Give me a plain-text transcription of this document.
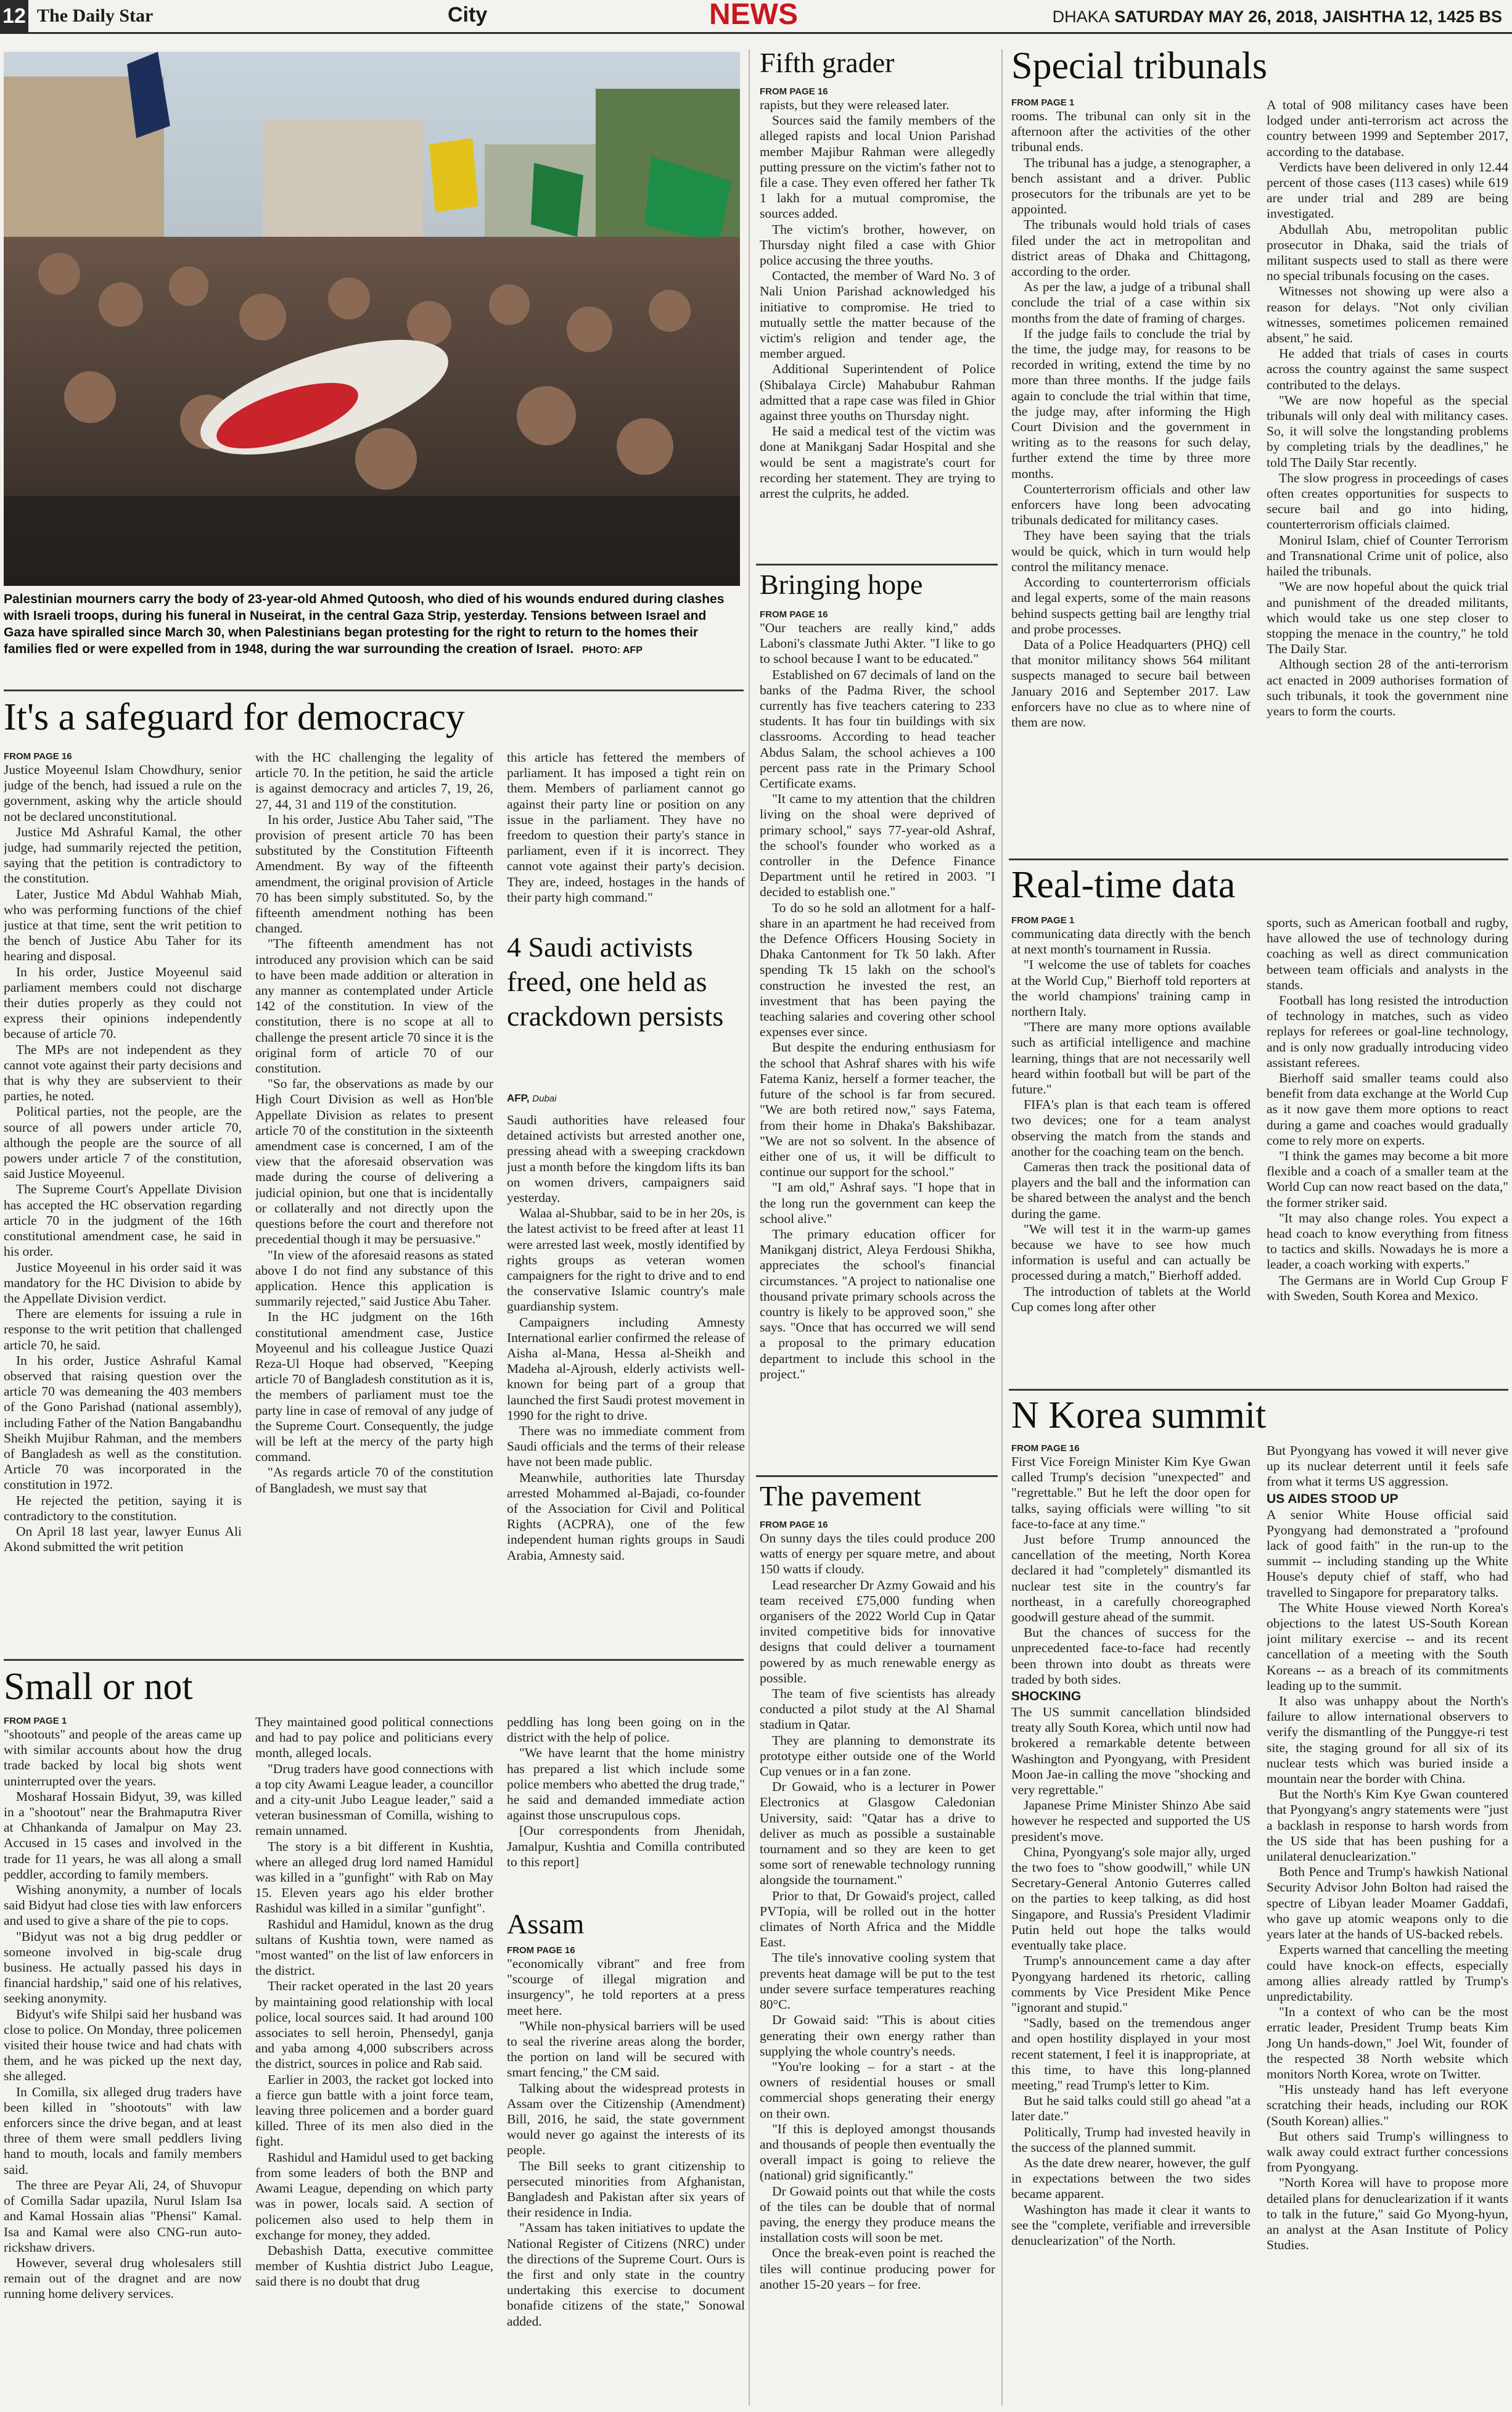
12 The Daily Star	City	NEWS	DHAKA SATURDAY MAY 26, 2018, JAISHTHA 12, 1425 BS
Palestinian mourners carry the body of 23-year-old Ahmed Qutoosh, who died of his wounds endured during clashes with Israeli troops, during his funeral in Nuseirat, in the central Gaza Strip, yesterday. Tensions between Israel and Gaza have spiralled since March 30, when Palestinians began protesting for the right to return to the homes their families fled or were expelled from in 1948, during the war surrounding the creation of Israel. PHOTO: AFP
It's a safeguard for democracy
FROM PAGE 16

Justice Moyeenul Islam Chowdhury, senior judge of the bench, had issued a rule on the government, asking why the article should not be declared unconstitutional.

Justice Md Ashraful Kamal, the other judge, had summarily rejected the petition, saying that the petition is contradictory to the constitution.

Later, Justice Md Abdul Wahhab Miah, who was performing functions of the chief justice at that time, sent the writ petition to the bench of Justice Abu Taher for its hearing and disposal.

In his order, Justice Moyeenul said parliament members could not discharge their duties properly as they could not express their opinions independently because of article 70.

The MPs are not independent as they cannot vote against their party decisions and that is why they are subservient to their parties, he noted.

Political parties, not the people, are the source of all powers under article 70, although the people are the source of all powers under article 7 of the constitution, said Justice Moyeenul.

The Supreme Court's Appellate Division has accepted the HC observation regarding article 70 in the judgment of the 16th constitutional amendment case, he said in his order.

Justice Moyeenul in his order said it was mandatory for the HC Division to abide by the Appellate Division verdict.

There are elements for issuing a rule in response to the writ petition that challenged article 70, he said.

In his order, Justice Ashraful Kamal observed that raising question over the article 70 was demeaning the 403 members of the Gono Parishad (national assembly), including Father of the Nation Bangabandhu Sheikh Mujibur Rahman, and the members of Bangladesh as well as the constitution. Article 70 was incorporated in the constitution in 1972.

He rejected the petition, saying it is contradictory to the constitution.

On April 18 last year, lawyer Eunus Ali Akond submitted the writ petition

with the HC challenging the legality of article 70. In the petition, he said the article is against democracy and articles 7, 19, 26, 27, 44, 31 and 119 of the constitution.

In his order, Justice Abu Taher said, "The provision of present article 70 has been substituted by the Constitution Fifteenth Amendment. By way of the fifteenth amendment, the original provision of Article 70 has been simply substituted. So, by the fifteenth amendment nothing has been changed.

"The fifteenth amendment has not introduced any provision which can be said to have been made addition or alteration in any manner as contemplated under Article 142 of the constitution. In view of the constitution, there is no scope at all to challenge the present article 70 since it is the original form of article 70 of our constitution.

"So far, the observations as made by our High Court Division as well as Hon'ble Appellate Division as relates to present article 70 of the constitution in the sixteenth amendment case is concerned, I am of the view that the aforesaid observation was made during the course of delivering a judicial opinion, but one that is incidentally or collaterally and not directly upon the questions before the court and therefore not precedential though it may be persuasive."

"In view of the aforesaid reasons as stated above I do not find any substance of this application. Hence this application is summarily rejected," said Justice Abu Taher.

In the HC judgment on the 16th constitutional amendment case, Justice Moyeenul and his colleague Justice Quazi Reza-Ul Hoque had observed, "Keeping article 70 of Bangladesh constitution as it is, the members of parliament must toe the party line in case of removal of any judge of the Supreme Court. Consequently, the judge will be left at the mercy of the party high command.

"As regards article 70 of the constitution of Bangladesh, we must say that

this article has fettered the members of parliament. It has imposed a tight rein on them. Members of parliament cannot go against their party line or position on any issue in the parliament. They have no freedom to question their party's stance in parliament, even if it is incorrect. They cannot vote against their party's decision. They are, indeed, hostages in the hands of their party high command."

4 Saudi activists freed, one held as crackdown persists
AFP, Dubai

Saudi authorities have released four detained activists but arrested another one, pressing ahead with a sweeping crackdown just a month before the kingdom lifts its ban on women drivers, campaigners said yesterday.

Walaa al-Shubbar, said to be in her 20s, is the latest activist to be freed after at least 11 were arrested last week, mostly identified by rights groups as veteran women campaigners for the right to drive and to end the conservative Islamic country's male guardianship system.

Campaigners including Amnesty International earlier confirmed the release of Aisha al-Mana, Hessa al-Sheikh and Madeha al-Ajroush, elderly activists well-known for being part of a group that launched the first Saudi protest movement in 1990 for the right to drive.

There was no immediate comment from Saudi officials and the terms of their release have not been made public.

Meanwhile, authorities late Thursday arrested Mohammed al-Bajadi, co-founder of the Association for Civil and Political Rights (ACPRA), one of the few independent human rights groups in Saudi Arabia, Amnesty said.

Small or not
FROM PAGE 1

"shootouts" and people of the areas came up with similar accounts about how the drug trade backed by local big shots went uninterrupted over the years.

Mosharaf Hossain Bidyut, 39, was killed in a "shootout" near the Brahmaputra River at Chhankanda of Jamalpur on May 23. Accused in 15 cases and involved in the trade for 11 years, he was all along a small peddler, according to family members.

Wishing anonymity, a number of locals said Bidyut had close ties with law enforcers and used to give a share of the pie to cops.

"Bidyut was not a big drug peddler or someone involved in big-scale drug business. He actually passed his days in financial hardship," said one of his relatives, seeking anonymity.

Bidyut's wife Shilpi said her husband was close to police. On Monday, three policemen visited their house twice and had chats with them, and he was picked up the next day, she alleged.

In Comilla, six alleged drug traders have been killed in "shootouts" with law enforcers since the drive began, and at least three of them were small peddlers living hand to mouth, locals and family members said.

The three are Peyar Ali, 24, of Shuvopur of Comilla Sadar upazila, Nurul Islam Isa and Kamal Hossain alias "Phensi" Kamal. Isa and Kamal were also CNG-run auto-rickshaw drivers.

However, several drug wholesalers still remain out of the dragnet and are now running home delivery services.

They maintained good political connections and had to pay police and politicians every month, alleged locals.

"Drug traders have good connections with a top city Awami League leader, a councillor and a city-unit Jubo League leader," said a veteran businessman of Comilla, wishing to remain unnamed.

The story is a bit different in Kushtia, where an alleged drug lord named Hamidul was killed in a "gunfight" with Rab on May 15. Eleven years ago his elder brother Rashidul was killed in a similar "gunfight".

Rashidul and Hamidul, known as the drug sultans of Kushtia town, were named as "most wanted" on the list of law enforcers in the district.

Their racket operated in the last 20 years by maintaining good relationship with local police, local sources said. It had around 100 associates to sell heroin, Phensedyl, ganja and yaba among 4,000 subscribers across the district, sources in police and Rab said.

Earlier in 2003, the racket got locked into a fierce gun battle with a joint force team, leaving three policemen and a border guard killed. Three of its men also died in the fight.

Rashidul and Hamidul used to get backing from some leaders of both the BNP and Awami League, depending on which party was in power, locals said. A section of policemen also used to help them in exchange for money, they added.

Debashish Datta, executive committee member of Kushtia district Jubo League, said there is no doubt that drug

peddling has long been going on in the district with the help of police.

"We have learnt that the home ministry has prepared a list which include some police members who abetted the drug trade," he said and demanded immediate action against those unscrupulous cops.

[Our correspondents from Jhenidah, Jamalpur, Kushtia and Comilla contributed to this report]

Assam
FROM PAGE 16

"economically vibrant" and free from "scourge of illegal migration and insurgency", he told reporters at a press meet here.

"While non-physical barriers will be used to seal the riverine areas along the border, the portion on land will be secured with smart fencing," the CM said.

Talking about the widespread protests in Assam over the Citizenship (Amendment) Bill, 2016, he said, the state government would never go against the interests of its people.

The Bill seeks to grant citizenship to persecuted minorities from Afghanistan, Bangladesh and Pakistan after six years of their residence in India.

"Assam has taken initiatives to update the National Register of Citizens (NRC) under the directions of the Supreme Court. Ours is the first and only state in the country undertaking this exercise to document bonafide citizens of the state," Sonowal added.

Fifth grader
FROM PAGE 16

rapists, but they were released later.

Sources said the family members of the alleged rapists and local Union Parishad member Majibur Rahman were allegedly putting pressure on the victim's father not to file a case. They even offered her father Tk 1 lakh for a mutual compromise, the sources added.

The victim's brother, however, on Thursday night filed a case with Ghior police accusing the three youths.

Contacted, the member of Ward No. 3 of Nali Union Parishad acknowledged his initiative to compromise. He tried to mutually settle the matter because of the victim's religion and tender age, the member argued.

Additional Superintendent of Police (Shibalaya Circle) Mahabubur Rahman admitted that a rape case was filed in Ghior against three youths on Thursday night.

He said a medical test of the victim was done at Manikganj Sadar Hospital and she would be sent a magistrate's court for recording her statement. They are trying to arrest the culprits, he added.

Bringing hope
FROM PAGE 16

"Our teachers are really kind," adds Laboni's classmate Juthi Akter. "I like to go to school because I want to be educated."

Established on 67 decimals of land on the banks of the Padma River, the school currently has five teachers catering to 233 students. It has four tin buildings with six classrooms. According to head teacher Abdus Salam, the school achieves a 100 percent pass rate in the Primary School Certificate exams.

"It came to my attention that the children living on the shoal were deprived of primary school," says 77-year-old Ashraf, the school's founder who worked as a controller in the Defence Finance Department until he retired in 2003. "I decided to establish one."

To do so he sold an allotment for a half-share in an apartment he had received from the Defence Officers Housing Society in Dhaka Cantonment for Tk 50 lakh. After spending Tk 15 lakh on the school's construction he invested the rest, an investment that has been paying the teaching salaries and covering other school expenses ever since.

But despite the enduring enthusiasm for the school that Ashraf shares with his wife Fatema Kaniz, herself a former teacher, the future of the school is far from secured. "We are both retired now," says Fatema, from their home in Dhaka's Bakshibazar. "We are not so solvent. In the absence of either one of us, it will be difficult to continue our support for the school."

"I am old," Ashraf says. "I hope that in the long run the government can keep the school alive."

The primary education officer for Manikganj district, Aleya Ferdousi Shikha, appreciates the school's financial circumstances. "A project to nationalise one thousand private primary schools across the country is likely to be approved soon," she says. "Once that has occurred we will send a proposal to the primary education department to include this school in the project."

The pavement
FROM PAGE 16

On sunny days the tiles could produce 200 watts of energy per square metre, and about 150 watts if cloudy.

Lead researcher Dr Azmy Gowaid and his team received £75,000 funding when organisers of the 2022 World Cup in Qatar invited competitive bids for innovative designs that could deliver a tournament powered by as much renewable energy as possible.

The team of five scientists has already conducted a pilot study at the Al Shamal stadium in Qatar.

They are planning to demonstrate its prototype either outside one of the World Cup venues or in a fan zone.

Dr Gowaid, who is a lecturer in Power Electronics at Glasgow Caledonian University, said: "Qatar has a drive to deliver as much as possible a sustainable tournament and so they are keen to get some sort of renewable technology running alongside the tournament."

Prior to that, Dr Gowaid's project, called PVTopia, will be rolled out in the hotter climates of North Africa and the Middle East.

The tile's innovative cooling system that prevents heat damage will be put to the test under severe surface temperatures reaching 80°C.

Dr Gowaid said: "This is about cities generating their own energy rather than supplying the whole country's needs.

"You're looking – for a start - at the owners of residential houses or small commercial shops generating their energy on their own.

"If this is deployed amongst thousands and thousands of people then eventually the overall impact is going to relieve the (national) grid significantly."

Dr Gowaid points out that while the costs of the tiles can be double that of normal paving, the energy they produce means the installation costs will soon be met.

Once the break-even point is reached the tiles will continue producing power for another 15-20 years – for free.

Special tribunals
FROM PAGE 1

rooms. The tribunal can only sit in the afternoon after the activities of the other tribunal ends.

The tribunal has a judge, a stenographer, a bench assistant and a driver. Public prosecutors for the tribunals are yet to be appointed.

The tribunals would hold trials of cases filed under the act in metropolitan and district areas of Dhaka and Chittagong, according to the order.

As per the law, a judge of a tribunal shall conclude the trial of a case within six months from the date of framing of charges.

If the judge fails to conclude the trial by the time, the judge may, for reasons to be recorded in writing, extend the time by no more than three months. If the judge fails again to conclude the trial within that time, the judge may, after informing the High Court Division and the government in writing as to the reasons for such delay, further extend the time by three more months.

Counterterrorism officials and other law enforcers have long been advocating tribunals dedicated for militancy cases.

They have been saying that the trials would be quick, which in turn would help control the militancy menace.

According to counterterrorism officials and legal experts, some of the main reasons behind suspects getting bail are lengthy trial and probe processes.

Data of a Police Headquarters (PHQ) cell that monitor militancy shows 564 militant suspects managed to secure bail between January 2016 and September 2017. Law enforcers have no clue as to where nine of them are now.

A total of 908 militancy cases have been lodged under anti-terrorism act across the country between 1999 and September 2017, according to the database.

Verdicts have been delivered in only 12.44 percent of those cases (113 cases) while 619 are under trial and 289 are being investigated.

Abdullah Abu, metropolitan public prosecutor in Dhaka, said the trials of militant suspects used to stall as there were no special tribunals focusing on the cases.

Witnesses not showing up were also a reason for delays. "Not only civilian witnesses, sometimes policemen remained absent," he said.

He added that trials of cases in courts across the country against the same suspect contributed to the delays.

"We are now hopeful as the special tribunals will only deal with militancy cases. So, it will solve the longstanding problems by completing trials by the deadlines," he told The Daily Star recently.

The slow progress in proceedings of cases often creates opportunities for suspects to secure bail and go into hiding, counterterrorism officials claimed.

Monirul Islam, chief of Counter Terrorism and Transnational Crime unit of police, also hailed the tribunals.

"We are now hopeful about the quick trial and punishment of the dreaded militants, which would take us one step closer to stopping the menace in the country," he told The Daily Star.

Although section 28 of the anti-terrorism act enacted in 2009 authorises formation of such tribunals, it took the government nine years to form the courts.

Real-time data
FROM PAGE 1

communicating data directly with the bench at next month's tournament in Russia.

"I welcome the use of tablets for coaches at the World Cup," Bierhoff told reporters at the world champions' training camp in northern Italy.

"There are many more options available such as artificial intelligence and machine learning, things that are not necessarily well heard within football but will be part of the future."

FIFA's plan is that each team is offered two devices; one for a team analyst observing the match from the stands and another for the coaching team on the bench.

Cameras then track the positional data of players and the ball and the information can be shared between the analyst and the bench during the game.

"We will test it in the warm-up games because we have to see how much information is useful and can actually be processed during a match," Bierhoff added.

The introduction of tablets at the World Cup comes long after other

sports, such as American football and rugby, have allowed the use of technology during coaching as well as direct communication between team officials and analysts in the stands.

Football has long resisted the introduction of technology in matches, such as video replays for referees or goal-line technology, and is only now gradually introducing video assistant referees.

Bierhoff said smaller teams could also benefit from data exchange at the World Cup as it now gave them more options to react during a game and coaches would gradually come to rely more on experts.

"I think the games may become a bit more flexible and a coach of a smaller team at the World Cup can now react based on the data," the former striker said.

"It may also change roles. You expect a head coach to know everything from fitness to tactics and skills. Nowadays he is more a leader, a coach working with experts."

The Germans are in World Cup Group F with Sweden, South Korea and Mexico.

N Korea summit
FROM PAGE 16

First Vice Foreign Minister Kim Kye Gwan called Trump's decision "unexpected" and "regrettable." But he left the door open for talks, saying officials were willing "to sit face-to-face at any time."

Just before Trump announced the cancellation of the meeting, North Korea declared it had "completely" dismantled its nuclear test site in the country's far northeast, in a carefully choreographed goodwill gesture ahead of the summit.

But the chances of success for the unprecedented face-to-face had recently been thrown into doubt as threats were traded by both sides.

SHOCKING

The US summit cancellation blindsided treaty ally South Korea, which until now had brokered a remarkable detente between Washington and Pyongyang, with President Moon Jae-in calling the move "shocking and very regrettable."

Japanese Prime Minister Shinzo Abe said however he respected and supported the US president's move.

China, Pyongyang's sole major ally, urged the two foes to "show goodwill," while UN Secretary-General Antonio Guterres called on the parties to keep talking, as did host Singapore, and Russia's President Vladimir Putin held out hope the talks would eventually take place.

Trump's announcement came a day after Pyongyang hardened its rhetoric, calling comments by Vice President Mike Pence "ignorant and stupid."

"Sadly, based on the tremendous anger and open hostility displayed in your most recent statement, I feel it is inappropriate, at this time, to have this long-planned meeting," read Trump's letter to Kim.

But he said talks could still go ahead "at a later date."

Politically, Trump had invested heavily in the success of the planned summit.

As the date drew nearer, however, the gulf in expectations between the two sides became apparent.

Washington has made it clear it wants to see the "complete, verifiable and irreversible denuclearization" of the North.

But Pyongyang has vowed it will never give up its nuclear deterrent until it feels safe from what it terms US aggression.

US AIDES STOOD UP

A senior White House official said Pyongyang had demonstrated a "profound lack of good faith" in the run-up to the summit -- including standing up the White House's deputy chief of staff, who had travelled to Singapore for preparatory talks.

The White House viewed North Korea's objections to the latest US-South Korean joint military exercise -- and its recent cancellation of a meeting with the South Koreans -- as a breach of its commitments leading up to the summit.

It also was unhappy about the North's failure to allow international observers to verify the dismantling of the Punggye-ri test site, the staging ground for all six of its nuclear tests which was buried inside a mountain near the border with China.

But the North's Kim Kye Gwan countered that Pyongyang's angry statements were "just a backlash in response to harsh words from the US side that has been pushing for a unilateral denuclearization."

Both Pence and Trump's hawkish National Security Advisor John Bolton had raised the spectre of Libyan leader Moamer Gaddafi, who gave up atomic weapons only to die years later at the hands of US-backed rebels.

Experts warned that cancelling the meeting could have knock-on effects, especially among allies already rattled by Trump's unpredictability.

"In a context of who can be the most erratic leader, President Trump beats Kim Jong Un hands-down," Joel Wit, founder of the respected 38 North website which monitors North Korea, wrote on Twitter.

"His unsteady hand has left everyone scratching their heads, including our ROK (South Korean) allies."

But others said Trump's willingness to walk away could extract further concessions from Pyongyang.

"North Korea will have to propose more detailed plans for denuclearization if it wants to talk in the future," said Go Myong-hyun, an analyst at the Asan Institute of Policy Studies.
